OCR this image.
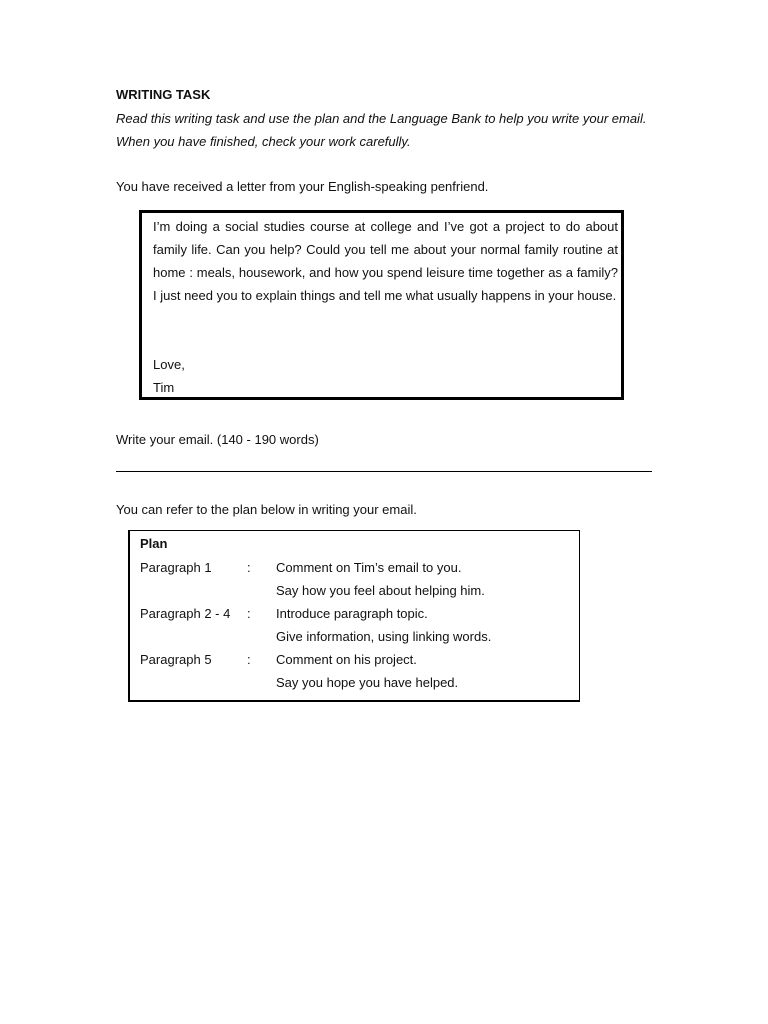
WRITING TASK
Read this writing task and use the plan and the Language Bank to help you write your email. When you have finished, check your work carefully.
You have received a letter from your English-speaking penfriend.
I’m doing a social studies course at college and I’ve got a project to do about family life. Can you help? Could you tell me about your normal family routine at home : meals, housework, and how you spend leisure time together as a family? I just need you to explain things and tell me what usually happens in your house.
Love,
Tim
Write your email. (140 - 190 words)
You can refer to the plan below in writing your email.
Plan
Paragraph 1	: Comment on Tim’s email to you.
Say how you feel about helping him.
Paragraph 2 - 4 : Introduce paragraph topic.
Give information, using linking words.
Paragraph 5	: Comment on his project.
Say you hope you have helped.
